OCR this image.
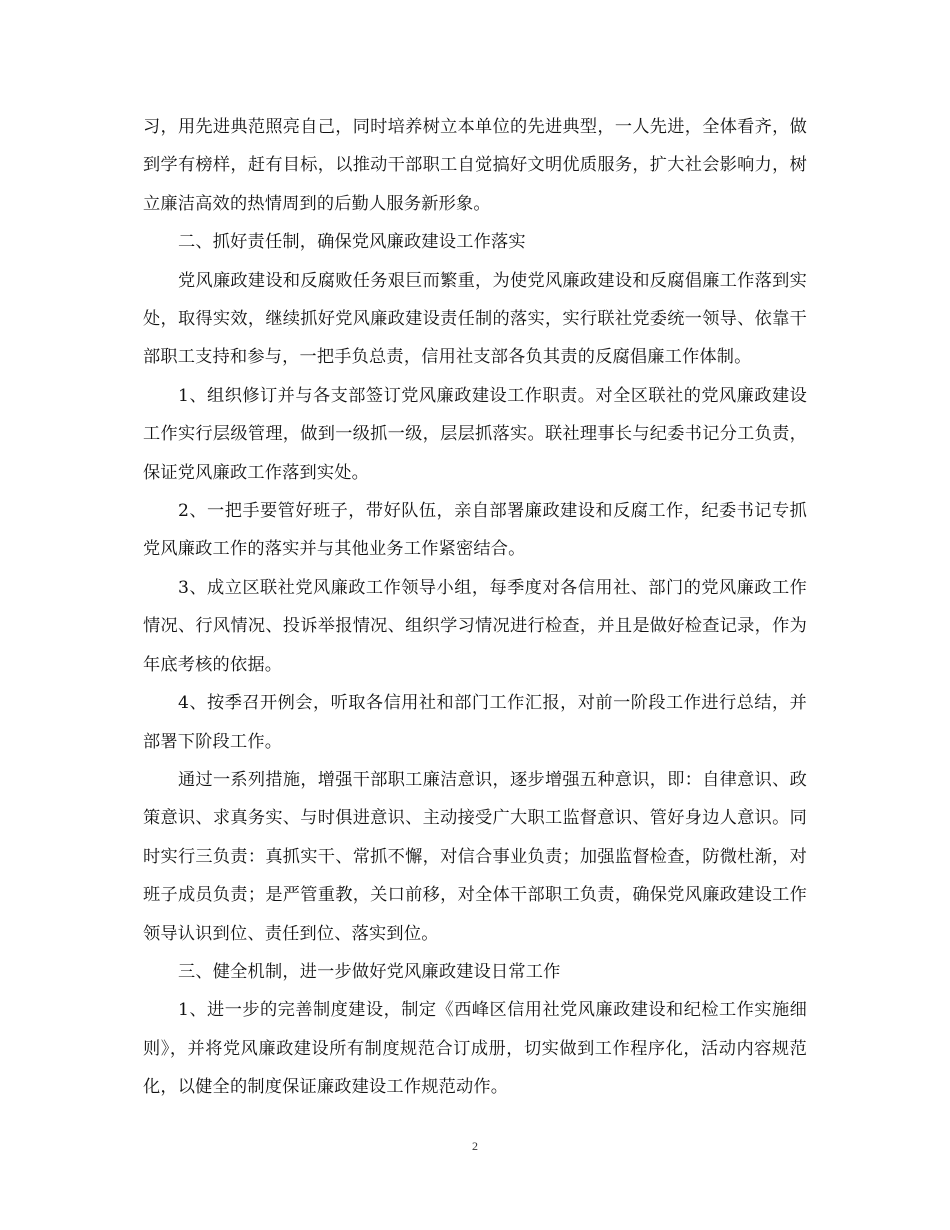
习，用先进典范照亮自己，同时培养树立本单位的先进典型，一人先进，全体看齐，做到学有榜样，赶有目标，以推动干部职工自觉搞好文明优质服务，扩大社会影响力，树立廉洁高效的热情周到的后勤人服务新形象。

二、抓好责任制，确保党风廉政建设工作落实

党风廉政建设和反腐败任务艰巨而繁重，为使党风廉政建设和反腐倡廉工作落到实处，取得实效，继续抓好党风廉政建设责任制的落实，实行联社党委统一领导、依靠干部职工支持和参与，一把手负总责，信用社支部各负其责的反腐倡廉工作体制。

1、组织修订并与各支部签订党风廉政建设工作职责。对全区联社的党风廉政建设工作实行层级管理，做到一级抓一级，层层抓落实。联社理事长与纪委书记分工负责，保证党风廉政工作落到实处。

2、一把手要管好班子，带好队伍，亲自部署廉政建设和反腐工作，纪委书记专抓党风廉政工作的落实并与其他业务工作紧密结合。

3、成立区联社党风廉政工作领导小组，每季度对各信用社、部门的党风廉政工作情况、行风情况、投诉举报情况、组织学习情况进行检查，并且是做好检查记录，作为年底考核的依据。

4、按季召开例会，听取各信用社和部门工作汇报，对前一阶段工作进行总结，并部署下阶段工作。

通过一系列措施，增强干部职工廉洁意识，逐步增强五种意识，即：自律意识、政策意识、求真务实、与时俱进意识、主动接受广大职工监督意识、管好身边人意识。同时实行三负责：真抓实干、常抓不懈，对信合事业负责；加强监督检查，防微杜渐，对班子成员负责；是严管重教，关口前移，对全体干部职工负责，确保党风廉政建设工作领导认识到位、责任到位、落实到位。

三、健全机制，进一步做好党风廉政建设日常工作

1、进一步的完善制度建设，制定《西峰区信用社党风廉政建设和纪检工作实施细则》，并将党风廉政建设所有制度规范合订成册，切实做到工作程序化，活动内容规范化，以健全的制度保证廉政建设工作规范动作。

2
